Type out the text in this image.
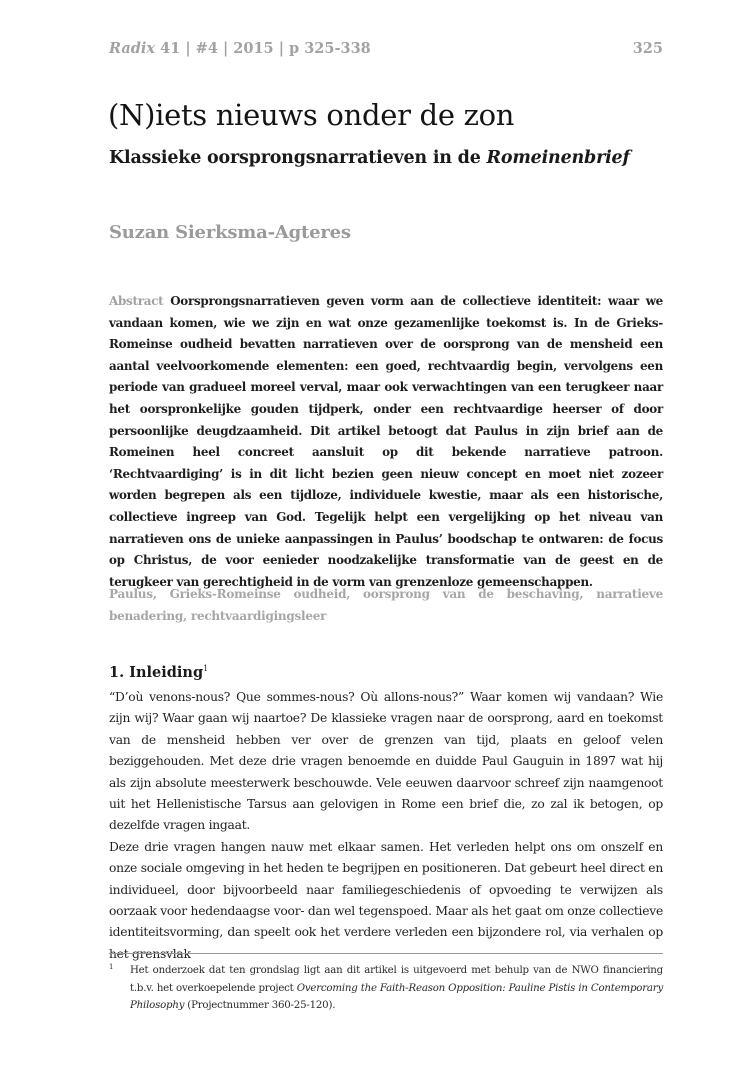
Radix 41 | #4 | 2015 | p 325-338	325
(N)iets nieuws onder de zon
Klassieke oorsprongsnarratieven in de Romeinenbrief
Suzan Sierksma-Agteres
Abstract Oorsprongsnarratieven geven vorm aan de collectieve identiteit: waar we vandaan komen, wie we zijn en wat onze gezamenlijke toekomst is. In de Grieks-Romeinse oudheid bevatten narratieven over de oorsprong van de mensheid een aantal veelvoorkomende elementen: een goed, rechtvaardig begin, vervolgens een periode van gradueel moreel verval, maar ook verwachtingen van een terugkeer naar het oorspronkelijke gouden tijdperk, onder een rechtvaardige heerser of door persoonlijke deugdzaamheid. Dit artikel betoogt dat Paulus in zijn brief aan de Romeinen heel concreet aansluit op dit bekende narratieve patroon. ‘Rechtvaardiging’ is in dit licht bezien geen nieuw concept en moet niet zozeer worden begrepen als een tijdloze, individuele kwestie, maar als een historische, collectieve ingreep van God. Tegelijk helpt een vergelijking op het niveau van narratieven ons de unieke aanpassingen in Paulus’ boodschap te ontwaren: de focus op Christus, de voor eenieder noodzakelijke transformatie van de geest en de terugkeer van gerechtigheid in de vorm van grenzenloze gemeenschappen.
Paulus, Grieks-Romeinse oudheid, oorsprong van de beschaving, narratieve benadering, rechtvaardigingsleer
1. Inleiding$^1$

“D’où venons-nous? Que sommes-nous? Où allons-nous?” Waar komen wij vandaan? Wie zijn wij? Waar gaan wij naartoe? De klassieke vragen naar de oorsprong, aard en toekomst van de mensheid hebben ver over de grenzen van tijd, plaats en geloof velen beziggehouden. Met deze drie vragen benoemde en duidde Paul Gauguin in 1897 wat hij als zijn absolute meesterwerk beschouwde. Vele eeuwen daarvoor schreef zijn naamgenoot uit het Hellenistische Tarsus aan gelovigen in Rome een brief die, zo zal ik betogen, op dezelfde vragen ingaat.

Deze drie vragen hangen nauw met elkaar samen. Het verleden helpt ons om onszelf en onze sociale omgeving in het heden te begrijpen en positioneren. Dat gebeurt heel direct en individueel, door bijvoorbeeld naar familiegeschiedenis of opvoeding te verwijzen als oorzaak voor hedendaagse voor- dan wel tegenspoed. Maar als het gaat om onze collectieve identiteitsvorming, dan speelt ook het verdere verleden een bijzondere rol, via verhalen op

1 Het onderzoek dat ten grondslag ligt aan dit artikel is uitgevoerd met behulp van de NWO financiering t.b.v. het overkoepelende project Overcoming the Faith-Reason Opposition: Pauline Pistis in Contemporary Philosophy (Projectnummer 360-25-120).
